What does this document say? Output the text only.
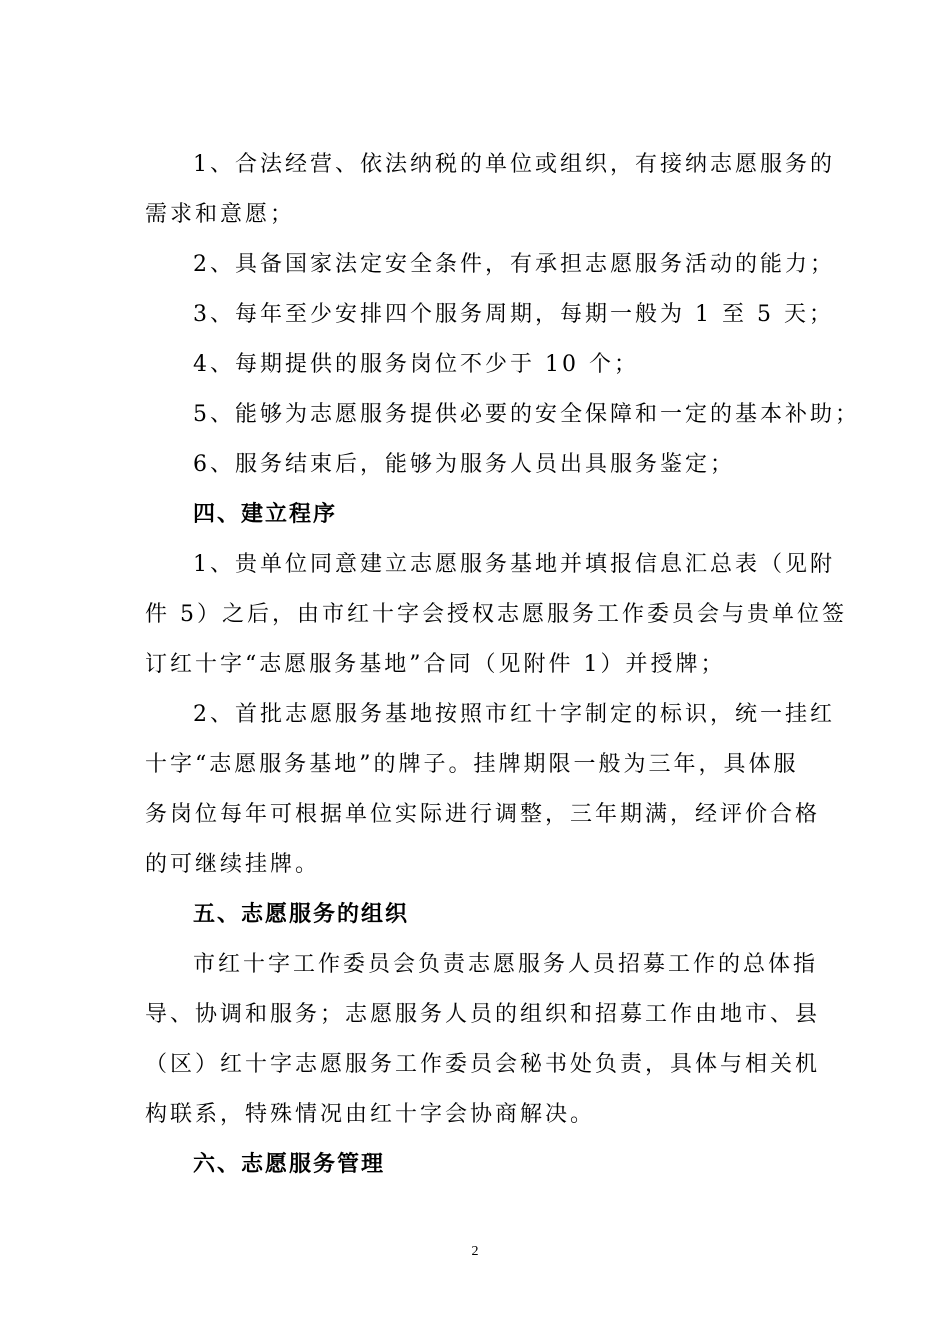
1、合法经营、依法纳税的单位或组织，有接纳志愿服务的
需求和意愿；
2、具备国家法定安全条件，有承担志愿服务活动的能力；
3、每年至少安排四个服务周期，每期一般为 1 至 5 天；
4、每期提供的服务岗位不少于 10 个；
5、能够为志愿服务提供必要的安全保障和一定的基本补助；
6、服务结束后，能够为服务人员出具服务鉴定；
四、建立程序
1、贵单位同意建立志愿服务基地并填报信息汇总表（见附
件 5）之后，由市红十字会授权志愿服务工作委员会与贵单位签
订红十字“志愿服务基地”合同（见附件 1）并授牌；
2、首批志愿服务基地按照市红十字制定的标识，统一挂红
十字“志愿服务基地”的牌子。挂牌期限一般为三年，具体服
务岗位每年可根据单位实际进行调整，三年期满，经评价合格
的可继续挂牌。
五、志愿服务的组织
市红十字工作委员会负责志愿服务人员招募工作的总体指
导、协调和服务；志愿服务人员的组织和招募工作由地市、县
（区）红十字志愿服务工作委员会秘书处负责，具体与相关机
构联系，特殊情况由红十字会协商解决。
六、志愿服务管理
2
